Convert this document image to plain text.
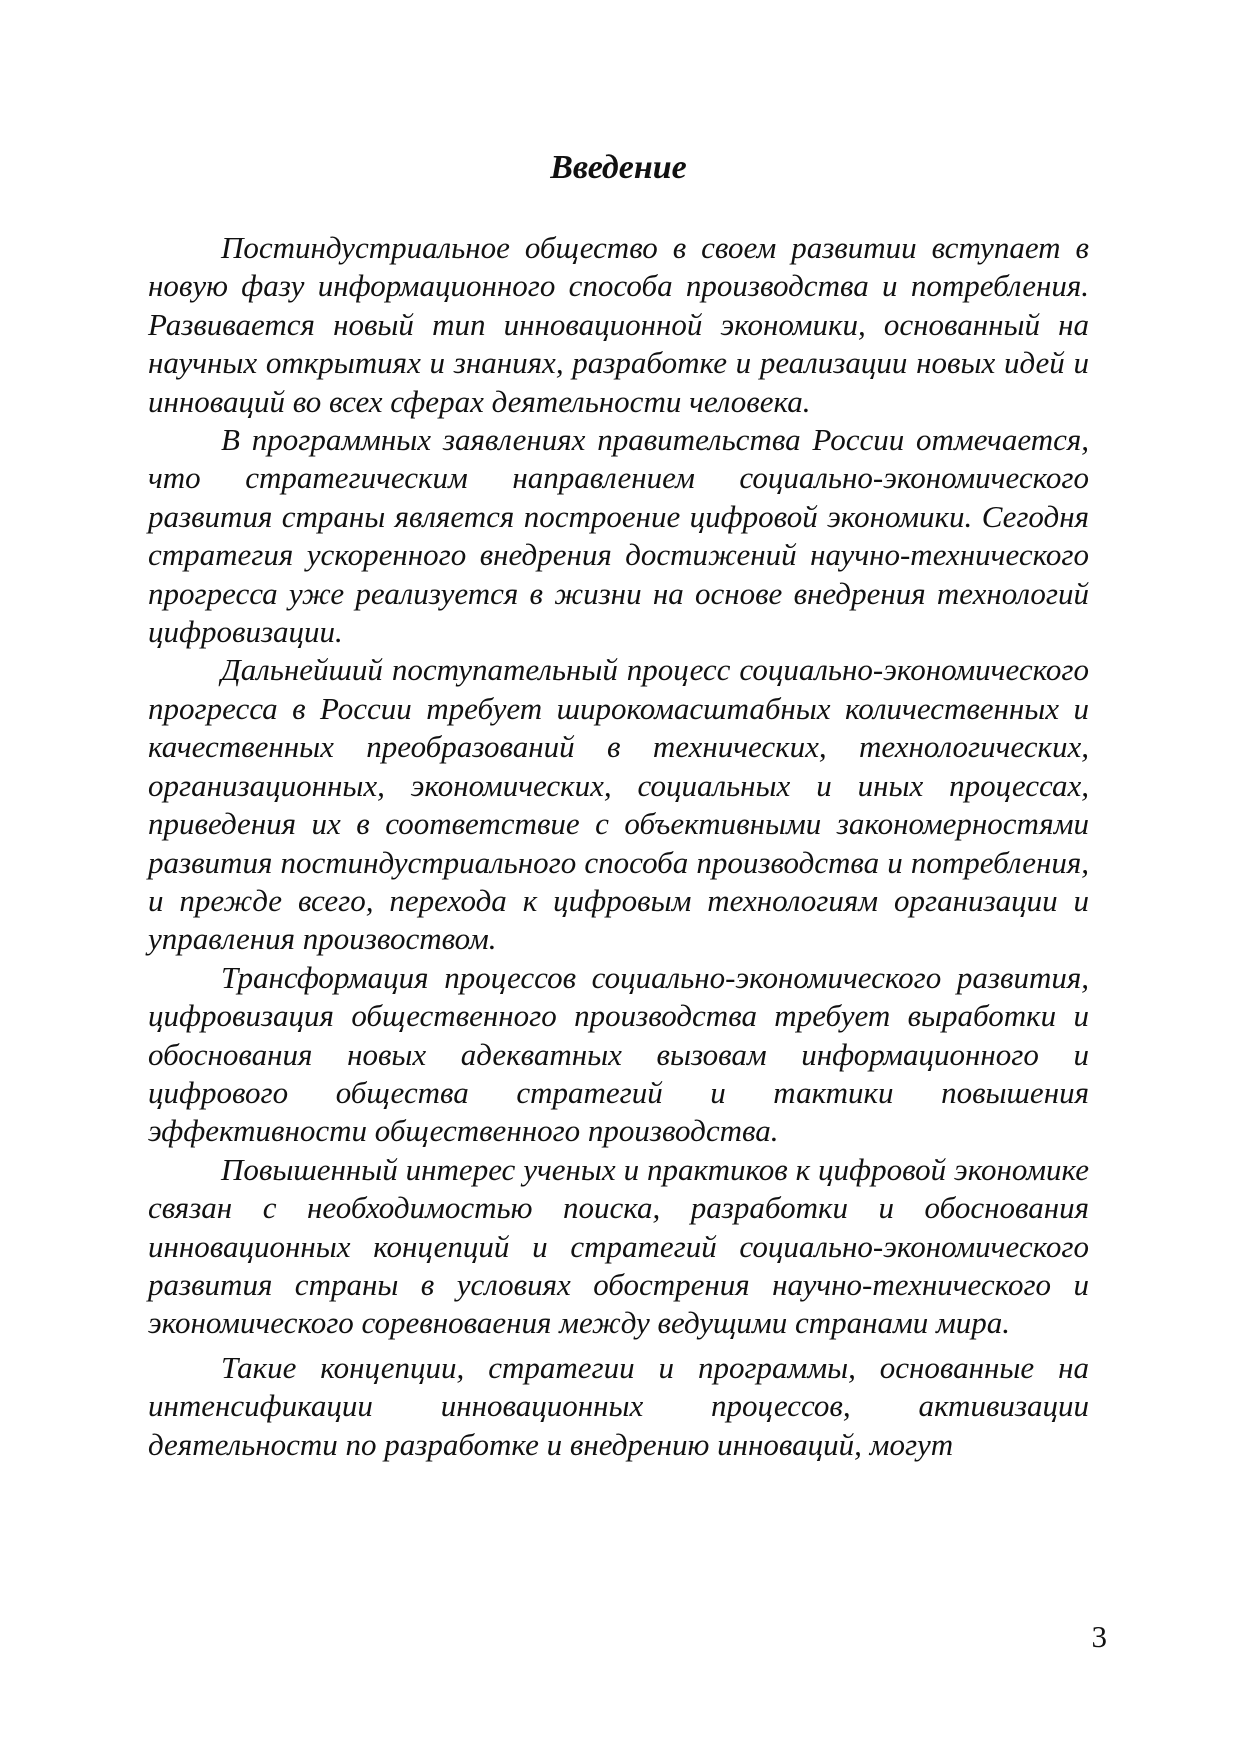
Введение

Постиндустриальное общество в своем развитии вступает в новую фазу информационного способа производства и потребления. Развивается новый тип инновационной экономики, основанный на научных открытиях и знаниях, разработке и реализации новых идей и инноваций во всех сферах деятельности человека.

В программных заявлениях правительства России отмечается, что стратегическим направлением социально-экономического развития страны является построение цифровой экономики. Сегодня стратегия ускоренного внедрения достижений научно-технического прогресса уже реализуется в жизни на основе внедрения технологий цифровизации.

Дальнейший поступательный процесс социально-экономического прогресса в России требует широкомасштабных количественных и качественных преобразований в технических, технологических, организационных, экономических, социальных и иных процессах, приведения их в соответствие с объективными закономерностями развития постиндустриального способа производства и потребления, и прежде всего, перехода к цифровым технологиям организации и управления произвоством.

Трансформация процессов социально-экономического развития, цифровизация общественного производства требует выработки и обоснования новых адекватных вызовам информационного и цифрового общества стратегий и тактики повышения эффективности общественного производства.

Повышенный интерес ученых и практиков к цифровой экономике связан с необходимостью поиска, разработки и обоснования инновационных концепций и стратегий социально-экономического развития страны в условиях обострения научно-технического и экономического соревноваения между ведущими странами мира.

Такие концепции, стратегии и программы, основанные на интенсификации инновационных процессов, активизации деятельности по разработке и внедрению инноваций, могут

3
